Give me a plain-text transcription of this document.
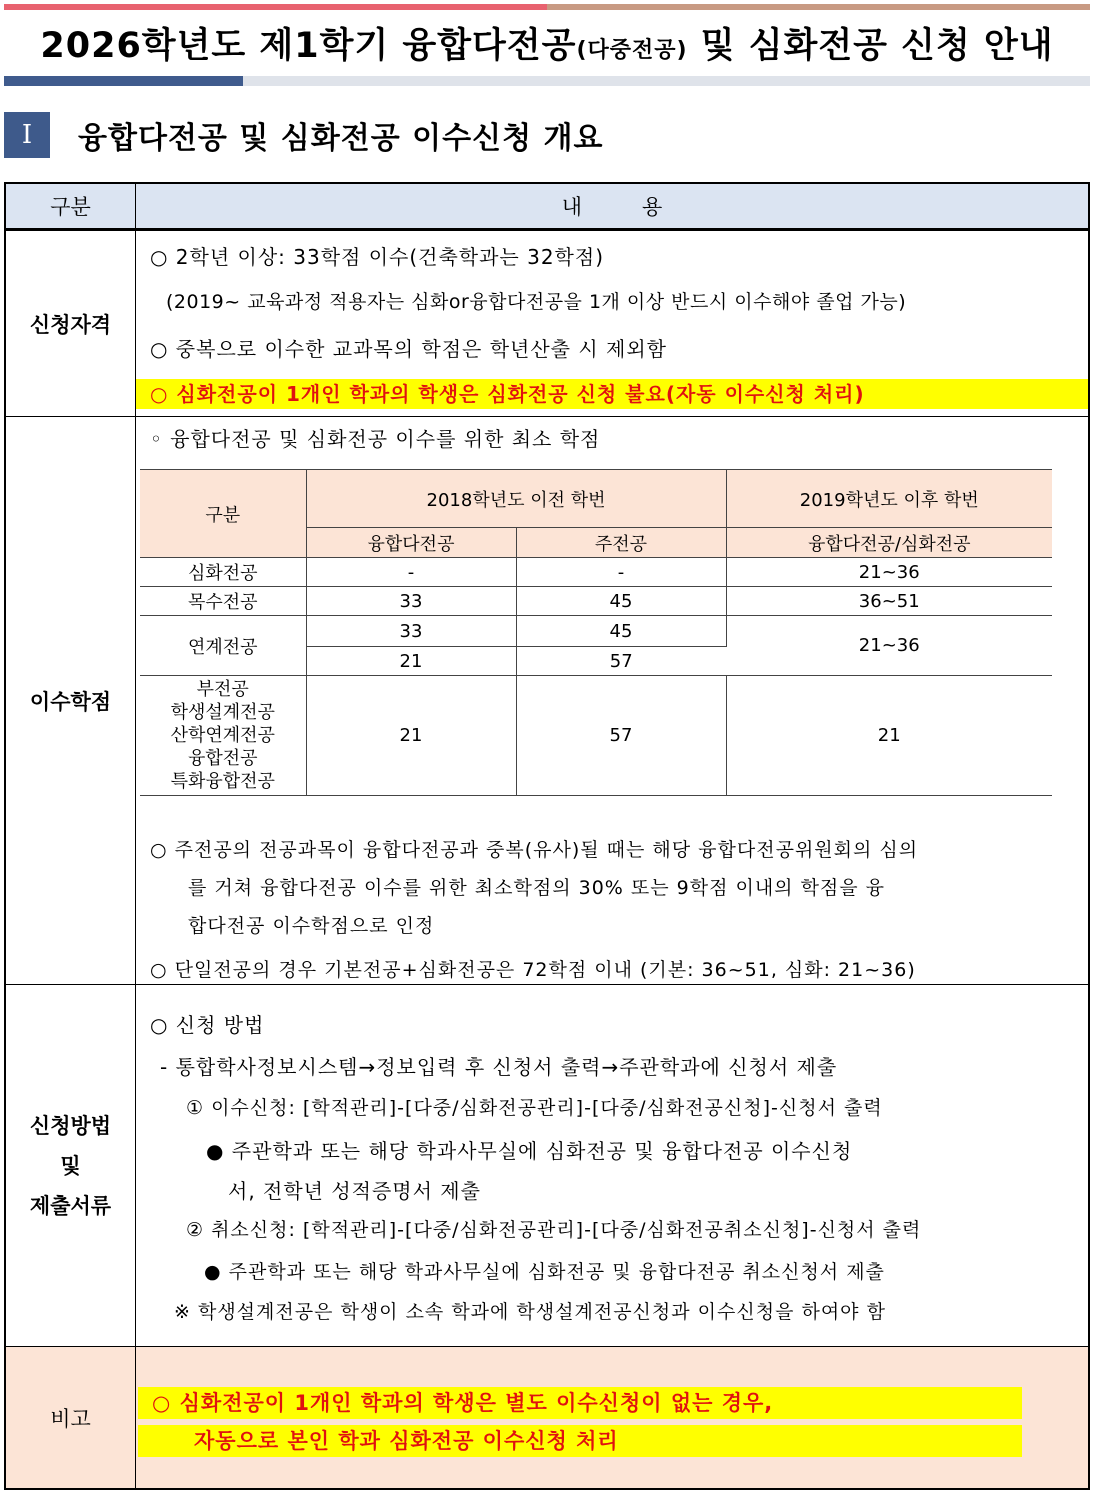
2026학년도 제1학기 융합다전공(다중전공) 및 심화전공 신청 안내
I	융합다전공 및 심화전공 이수신청 개요
구분	내용
신청자격
○ 2학년 이상: 33학점 이수(건축학과는 32학점)
(2019~ 교육과정 적용자는 심화or융합다전공을 1개 이상 반드시 이수해야 졸업 가능)
○ 중복으로 이수한 교과목의 학점은 학년산출 시 제외함
○ 심화전공이 1개인 학과의 학생은 심화전공 신청 불요(자동 이수신청 처리)
이수학점
◦ 융합다전공 및 심화전공 이수를 위한 최소 학점
구분	2018학년도 이전 학번		2019학년도 이후 학번
	융합다전공	주전공	융합다전공/심화전공
심화전공	-	-	21~36
목수전공	33	45	36~51
연계전공	33	45	21~36
	21	57	

부전공
학생설계전공
산학연계전공
융합전공
특화융합전공	21	57	21
○ 주전공의 전공과목이 융합다전공과 중복(유사)될 때는 해당 융합다전공위원회의 심의
를 거쳐 융합다전공 이수를 위한 최소학점의 30% 또는 9학점 이내의 학점을 융
합다전공 이수학점으로 인정
○ 단일전공의 경우 기본전공+심화전공은 72학점 이내 (기본: 36~51, 심화: 21~36)
신청방법
및
제출서류
○ 신청 방법
- 통합학사정보시스템→정보입력 후 신청서 출력→주관학과에 신청서 제출
① 이수신청: [학적관리]-[다중/심화전공관리]-[다중/심화전공신청]-신청서 출력
● 주관학과 또는 해당 학과사무실에 심화전공 및 융합다전공 이수신청
서, 전학년 성적증명서 제출
② 취소신청: [학적관리]-[다중/심화전공관리]-[다중/심화전공취소신청]-신청서 출력
● 주관학과 또는 해당 학과사무실에 심화전공 및 융합다전공 취소신청서 제출
※ 학생설계전공은 학생이 소속 학과에 학생설계전공신청과 이수신청을 하여야 함
비고
○ 심화전공이 1개인 학과의 학생은 별도 이수신청이 없는 경우,
자동으로 본인 학과 심화전공 이수신청 처리
